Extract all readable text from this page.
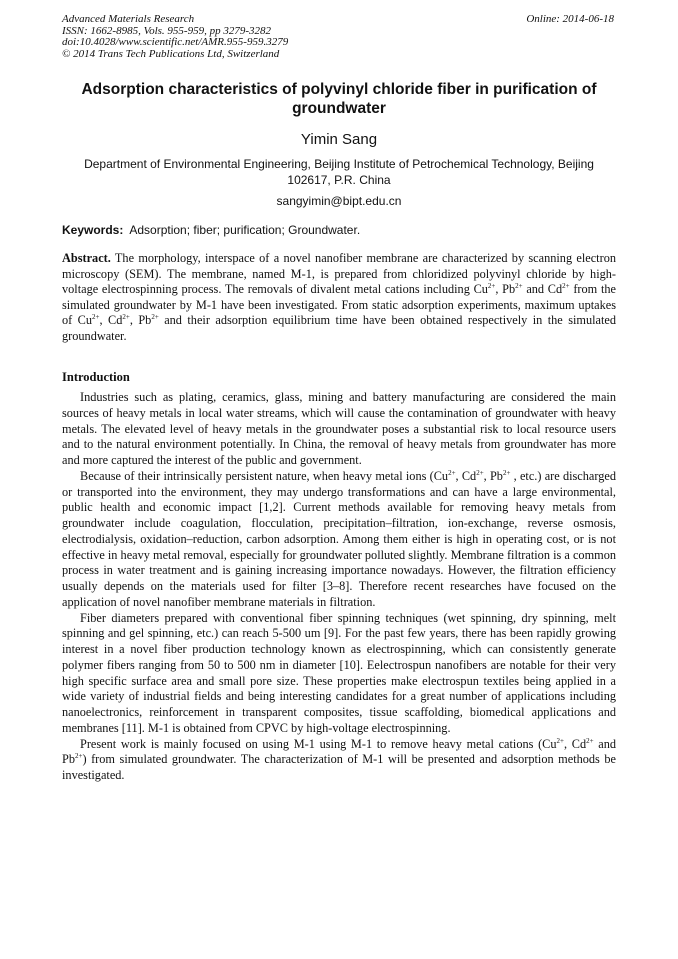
Advanced Materials Research
ISSN: 1662-8985, Vols. 955-959, pp 3279-3282
doi:10.4028/www.scientific.net/AMR.955-959.3279
© 2014 Trans Tech Publications Ltd, Switzerland
Online: 2014-06-18
Adsorption characteristics of polyvinyl chloride fiber in purification of groundwater
Yimin Sang
Department of Environmental Engineering, Beijing Institute of Petrochemical Technology, Beijing 102617, P.R. China
sangyimin@bipt.edu.cn
Keywords: Adsorption; fiber; purification; Groundwater.
Abstract. The morphology, interspace of a novel nanofiber membrane are characterized by scanning electron microscopy (SEM). The membrane, named M-1, is prepared from chloridized polyvinyl chloride by high-voltage electrospinning process. The removals of divalent metal cations including $Cu^{2+}$, $Pb^{2+}$ and $Cd^{2+}$ from the simulated groundwater by M-1 have been investigated. From static adsorption experiments, maximum uptakes of $Cu^{2+}$, $Cd^{2+}$, $Pb^{2+}$ and their adsorption equilibrium time have been obtained respectively in the simulated groundwater.
Introduction

Industries such as plating, ceramics, glass, mining and battery manufacturing are considered the main sources of heavy metals in local water streams, which will cause the contamination of groundwater with heavy metals. The elevated level of heavy metals in the groundwater poses a substantial risk to local resource users and to the natural environment potentially. In China, the removal of heavy metals from groundwater has more and more captured the interest of the public and government.

Because of their intrinsically persistent nature, when heavy metal ions ($Cu^{2+}$, $Cd^{2+}$, $Pb^{2+}$ , etc.) are discharged or transported into the environment, they may undergo transformations and can have a large environmental, public health and economic impact [1,2]. Current methods available for removing heavy metals from groundwater include coagulation, flocculation, precipitation–filtration, ion-exchange, reverse osmosis, electrodialysis, oxidation–reduction, carbon adsorption. Among them either is high in operating cost, or is not effective in heavy metal removal, especially for groundwater polluted slightly. Membrane filtration is a common process in water treatment and is gaining increasing importance nowadays. However, the filtration efficiency usually depends on the materials used for filter [3–8]. Therefore recent researches have focused on the application of novel nanofiber membrane materials in filtration.

Fiber diameters prepared with conventional fiber spinning techniques (wet spinning, dry spinning, melt spinning and gel spinning, etc.) can reach 5-500 um [9]. For the past few years, there has been rapidly growing interest in a novel fiber production technology known as electrospinning, which can consistently generate polymer fibers ranging from 50 to 500 nm in diameter [10]. Eelectrospun nanofibers are notable for their very high specific surface area and small pore size. These properties make electrospun textiles being applied in a wide variety of industrial fields and being interesting candidates for a great number of applications including nanoelectronics, reinforcement in transparent composites, tissue scaffolding, biomedical applications and membranes [11]. M-1 is obtained from CPVC by high-voltage electrospinning.

Present work is mainly focused on using M-1 using M-1 to remove heavy metal cations ($Cu^{2+}$, $Cd^{2+}$ and $Pb^{2+}$) from simulated groundwater. The characterization of M-1 will be presented and adsorption methods be investigated.
